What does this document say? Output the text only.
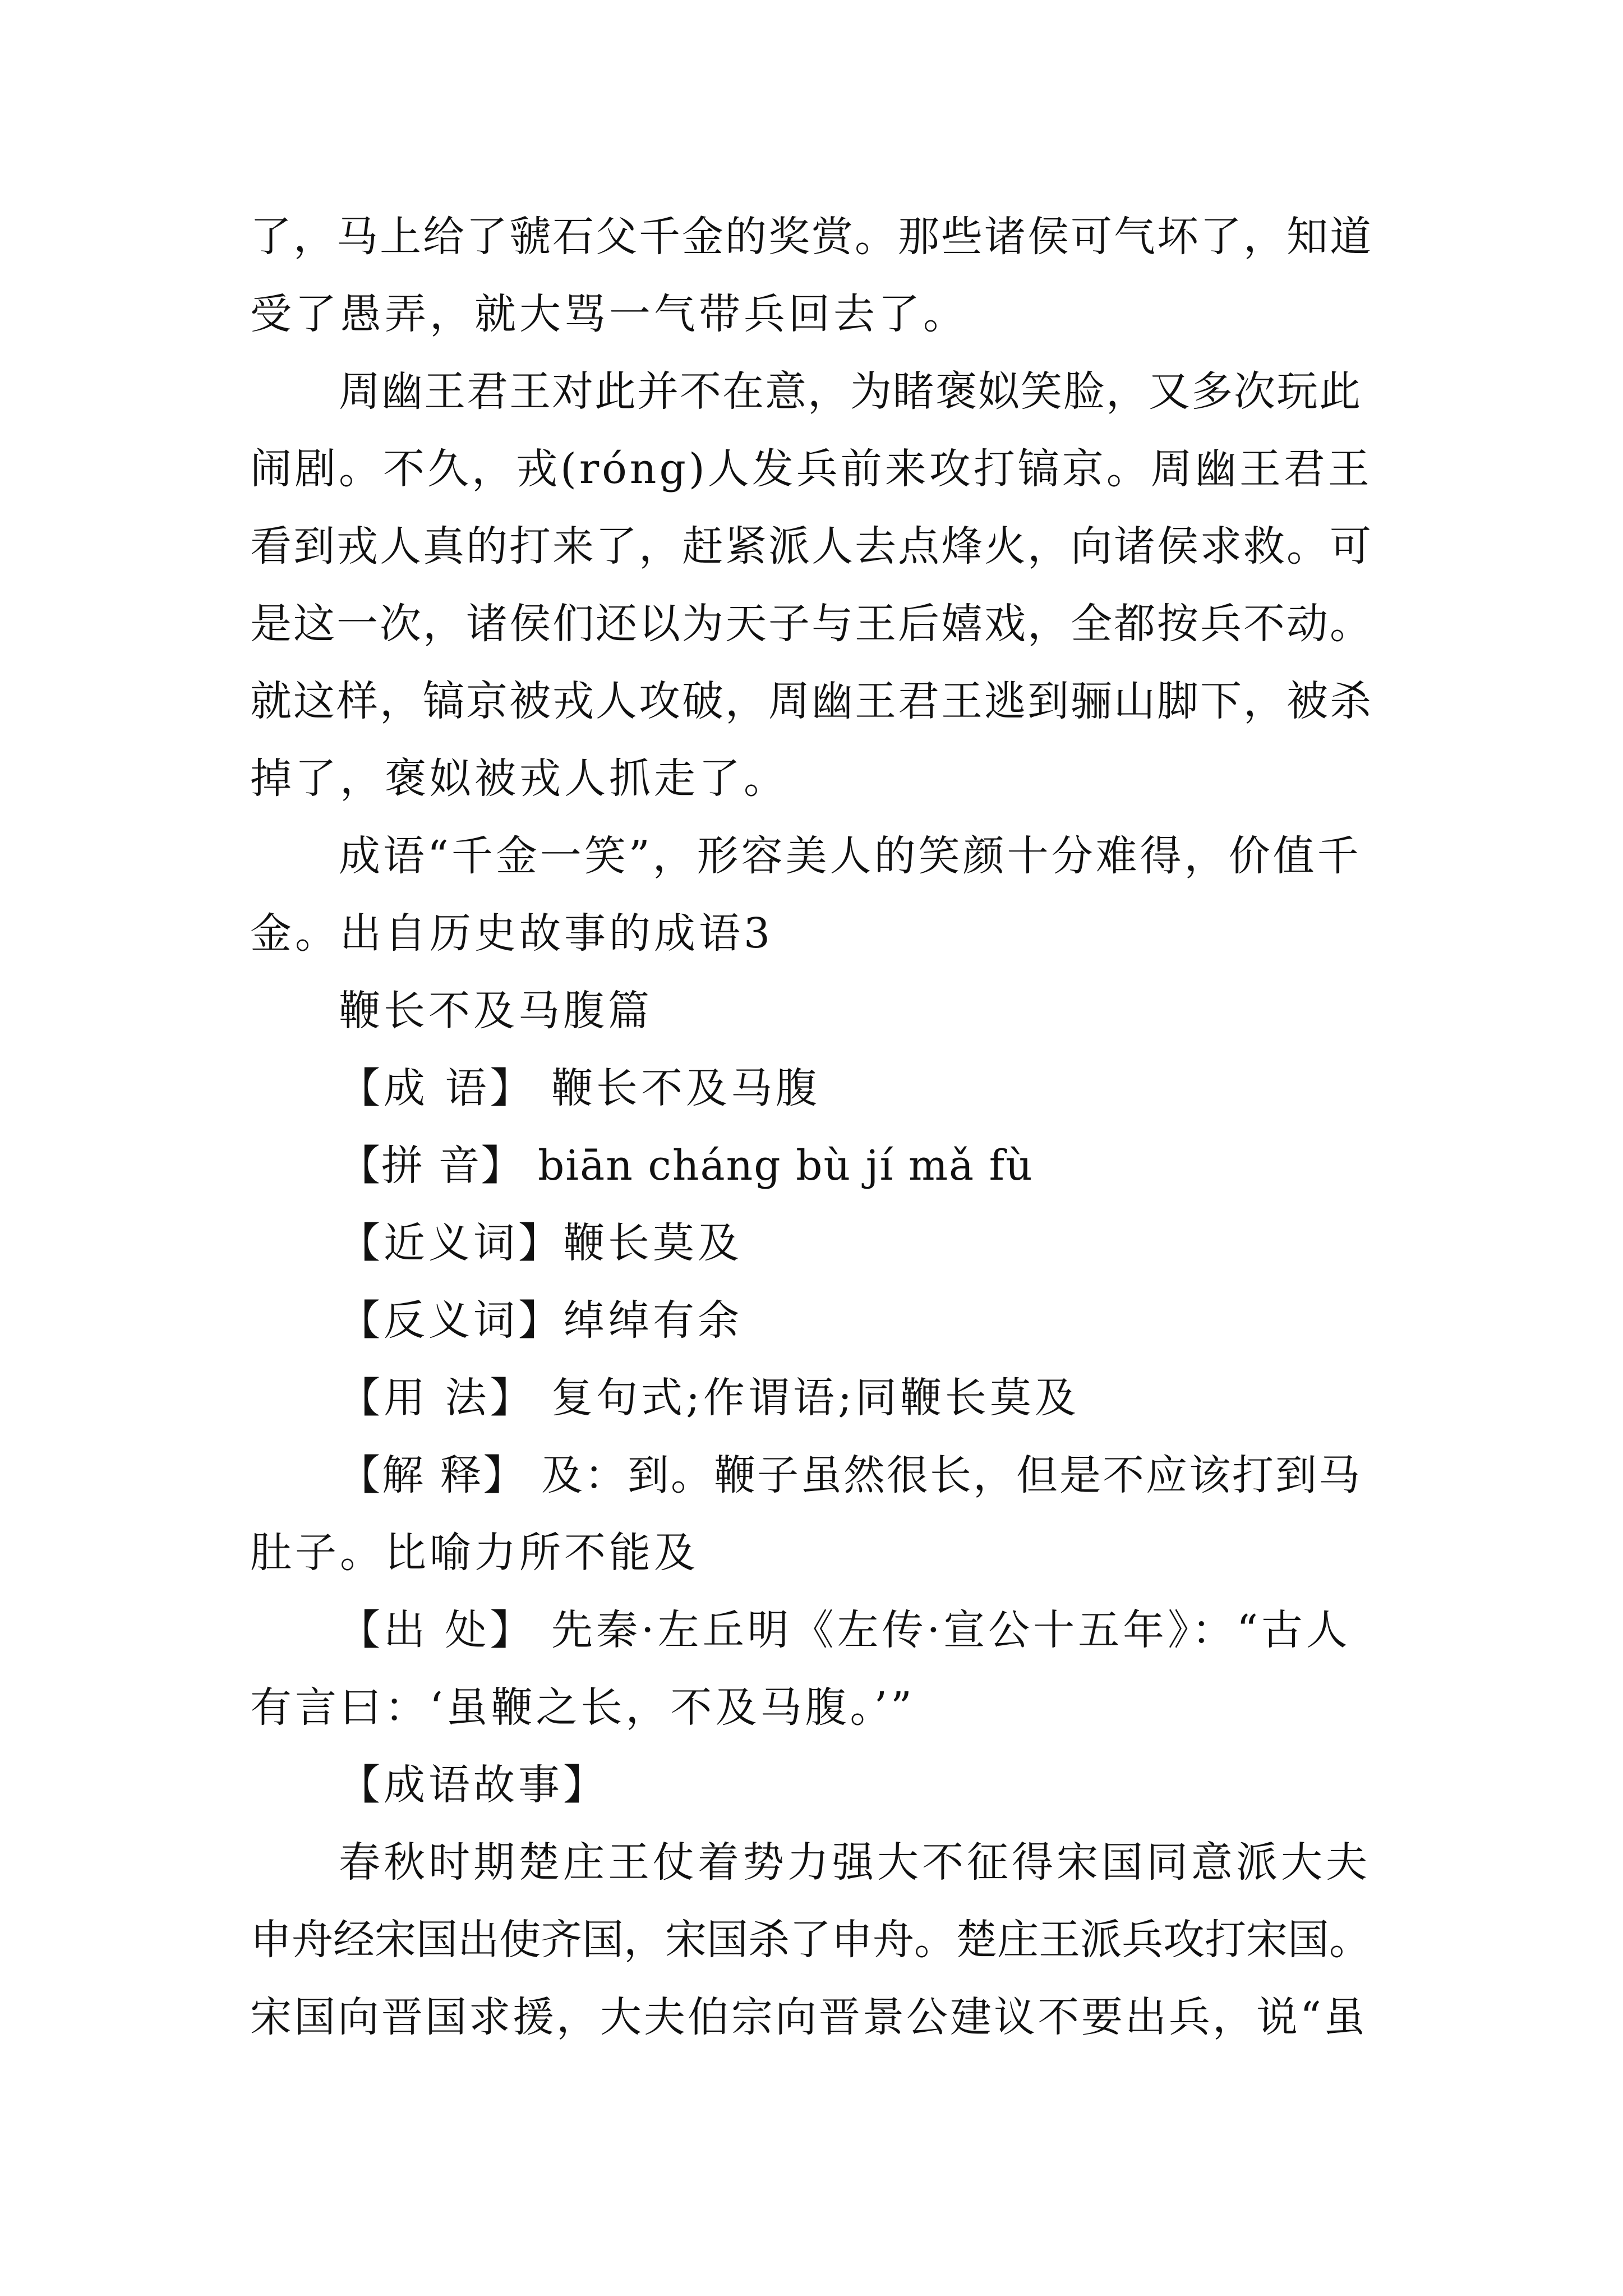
了，马上给了虢石父千金的奖赏。那些诸侯可气坏了，知道
受了愚弄，就大骂一气带兵回去了。
周幽王君王对此并不在意，为睹褒姒笑脸，又多次玩此
闹剧。不久，戎(róng)人发兵前来攻打镐京。周幽王君王
看到戎人真的打来了，赶紧派人去点烽火，向诸侯求救。可
是这一次，诸侯们还以为天子与王后嬉戏，全都按兵不动。
就这样，镐京被戎人攻破，周幽王君王逃到骊山脚下，被杀
掉了，褒姒被戎人抓走了。
成语“千金一笑”，形容美人的笑颜十分难得，价值千
金。出自历史故事的成语3
鞭长不及马腹篇
【成 语】 鞭长不及马腹
【拼 音】 biān cháng bù jí mǎ fù
【近义词】鞭长莫及
【反义词】绰绰有余
【用 法】 复句式;作谓语;同鞭长莫及
【解 释】 及：到。鞭子虽然很长，但是不应该打到马
肚子。比喻力所不能及
【出 处】 先秦·左丘明《左传·宣公十五年》：“古人
有言曰：‘虽鞭之长，不及马腹。’”
【成语故事】
春秋时期楚庄王仗着势力强大不征得宋国同意派大夫
申舟经宋国出使齐国，宋国杀了申舟。楚庄王派兵攻打宋国。
宋国向晋国求援，大夫伯宗向晋景公建议不要出兵，说“虽
